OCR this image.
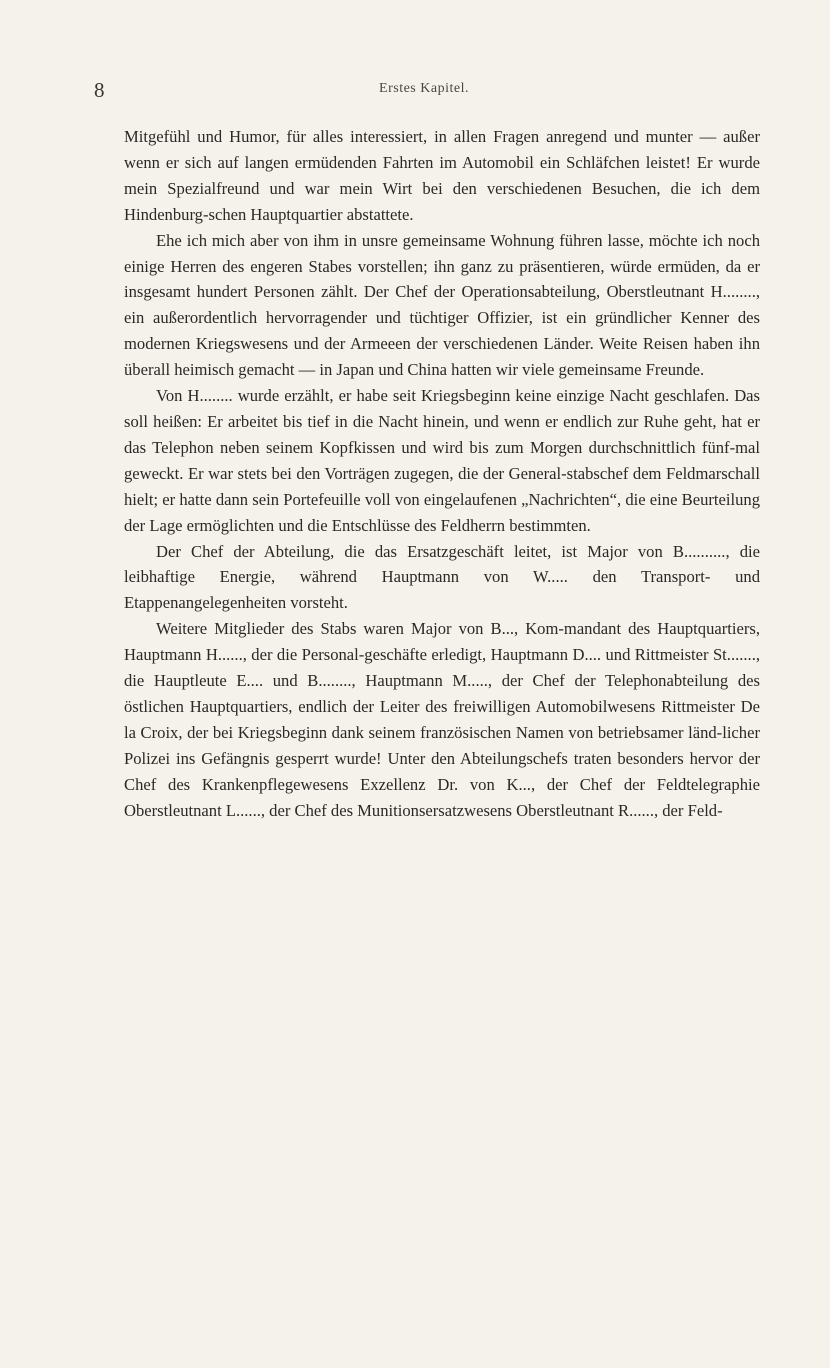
8	Erstes Kapitel.

Mitgefühl und Humor, für alles interessiert, in allen Fragen anregend und munter — außer wenn er sich auf langen ermüdenden Fahrten im Automobil ein Schläfchen leistet! Er wurde mein Spezialfreund und war mein Wirt bei den verschiedenen Besuchen, die ich dem Hindenburg-schen Hauptquartier abstattete.

Ehe ich mich aber von ihm in unsre gemeinsame Wohnung führen lasse, möchte ich noch einige Herren des engeren Stabes vorstellen; ihn ganz zu präsentieren, würde ermüden, da er insgesamt hundert Personen zählt. Der Chef der Operationsabteilung, Oberstleutnant H........, ein außerordentlich hervorragender und tüchtiger Offizier, ist ein gründlicher Kenner des modernen Kriegswesens und der Armeeen der verschiedenen Länder. Weite Reisen haben ihn überall heimisch gemacht — in Japan und China hatten wir viele gemeinsame Freunde.

Von H........ wurde erzählt, er habe seit Kriegsbeginn keine einzige Nacht geschlafen. Das soll heißen: Er arbeitet bis tief in die Nacht hinein, und wenn er endlich zur Ruhe geht, hat er das Telephon neben seinem Kopfkissen und wird bis zum Morgen durchschnittlich fünf-mal geweckt. Er war stets bei den Vorträgen zugegen, die der General-stabschef dem Feldmarschall hielt; er hatte dann sein Portefeuille voll von eingelaufenen „Nachrichten“, die eine Beurteilung der Lage ermöglichten und die Entschlüsse des Feldherrn bestimmten.

Der Chef der Abteilung, die das Ersatzgeschäft leitet, ist Major von B.........., die leibhaftige Energie, während Hauptmann von W..... den Transport- und Etappenangelegenheiten vorsteht.

Weitere Mitglieder des Stabs waren Major von B..., Kom-mandant des Hauptquartiers, Hauptmann H......, der die Personal-geschäfte erledigt, Hauptmann D.... und Rittmeister St......., die Hauptleute E.... und B........, Hauptmann M....., der Chef der Telephonabteilung des östlichen Hauptquartiers, endlich der Leiter des freiwilligen Automobilwesens Rittmeister De la Croix, der bei Kriegsbeginn dank seinem französischen Namen von betriebsamer länd-licher Polizei ins Gefängnis gesperrt wurde! Unter den Abteilungschefs traten besonders hervor der Chef des Krankenpflegewesens Exzellenz Dr. von K..., der Chef der Feldtelegraphie Oberstleutnant L......, der Chef des Munitionsersatzwesens Oberstleutnant R......, der Feld-
